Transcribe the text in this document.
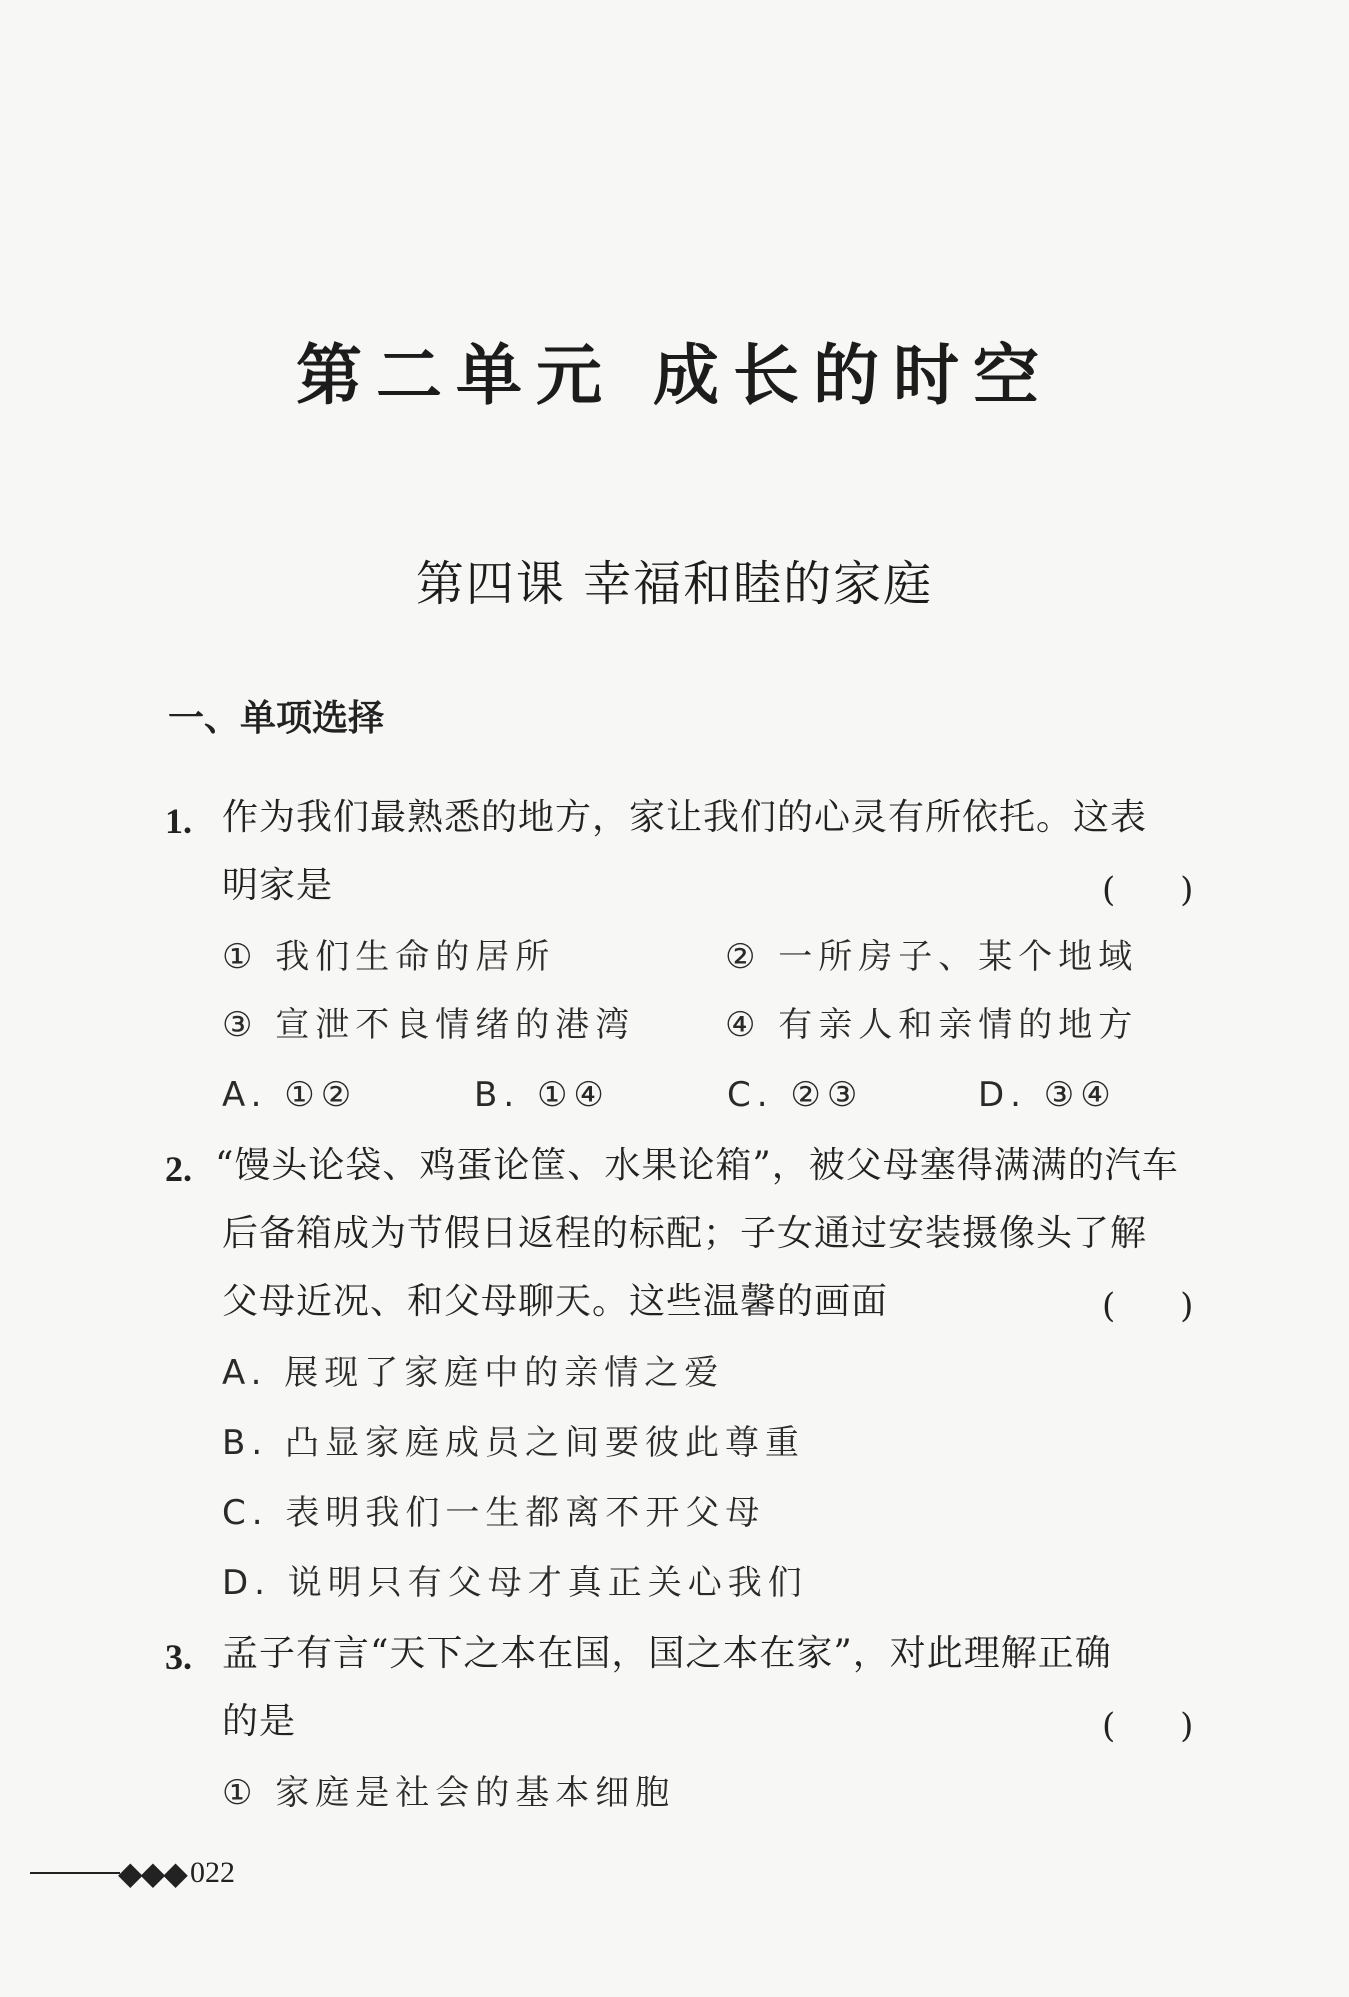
第二单元 成长的时空
第四课 幸福和睦的家庭
一、单项选择
1. 作为我们最熟悉的地方，家让我们的心灵有所依托。这表
明家是	(      )
① 我们生命的居所	② 一所房子、某个地域
③ 宣泄不良情绪的港湾	④ 有亲人和亲情的地方
A. ①②	B. ①④	C. ②③	D. ③④
2. “馒头论袋、鸡蛋论筐、水果论箱”，被父母塞得满满的汽车
后备箱成为节假日返程的标配；子女通过安装摄像头了解
父母近况、和父母聊天。这些温馨的画面	(      )
A. 展现了家庭中的亲情之爱
B. 凸显家庭成员之间要彼此尊重
C. 表明我们一生都离不开父母
D. 说明只有父母才真正关心我们
3. 孟子有言“天下之本在国，国之本在家”，对此理解正确
的是	(      )
① 家庭是社会的基本细胞
◆◆◆ 022
